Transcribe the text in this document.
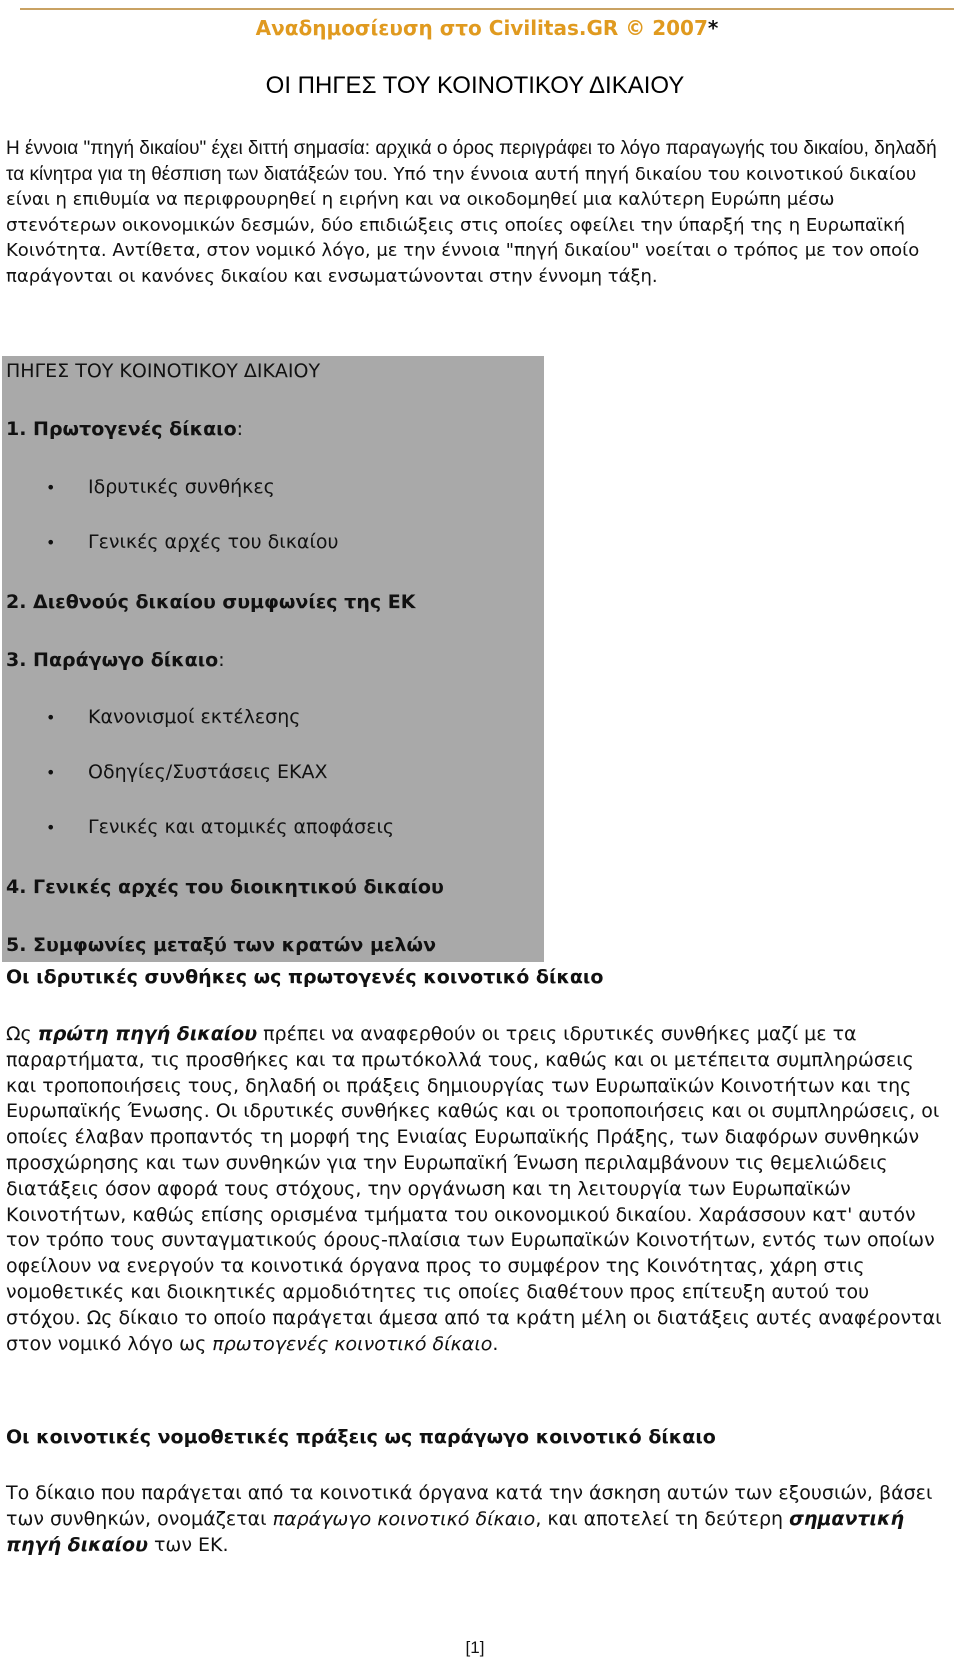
Αναδημοσίευση στο Civilitas.GR © 2007*
ΟΙ ΠΗΓΕΣ ΤΟΥ ΚΟΙΝΟΤΙΚΟΥ ΔΙΚΑΙΟΥ

Η έννοια "πηγή δικαίου" έχει διττή σημασία: αρχικά ο όρος περιγράφει το λόγο παραγωγής του δικαίου, δηλαδή τα κίνητρα για τη θέσπιση των διατάξεών του. Υπό την έννοια αυτή πηγή δικαίου του κοινοτικού δικαίου είναι η επιθυμία να περιφρουρηθεί η ειρήνη και να οικοδομηθεί μια καλύτερη Ευρώπη μέσω στενότερων οικονομικών δεσμών, δύο επιδιώξεις στις οποίες οφείλει την ύπαρξή της η Ευρωπαϊκή Κοινότητα. Αντίθετα, στον νομικό λόγο, με την έννοια "πηγή δικαίου" νοείται ο τρόπος με τον οποίο παράγονται οι κανόνες δικαίου και ενσωματώνονται στην έννομη τάξη.

ΠΗΓΕΣ ΤΟΥ ΚΟΙΝΟΤΙΚΟΥ ΔΙΚΑΙΟΥ
1. Πρωτογενές δίκαιο:
• Ιδρυτικές συνθήκες
• Γενικές αρχές του δικαίου
2. Διεθνούς δικαίου συμφωνίες της ΕΚ
3. Παράγωγο δίκαιο:
• Κανονισμοί εκτέλεσης
• Οδηγίες/Συστάσεις ΕΚΑΧ
• Γενικές και ατομικές αποφάσεις
4. Γενικές αρχές του διοικητικού δικαίου
5. Συμφωνίες μεταξύ των κρατών μελών
Οι ιδρυτικές συνθήκες ως πρωτογενές κοινοτικό δίκαιο

Ως πρώτη πηγή δικαίου πρέπει να αναφερθούν οι τρεις ιδρυτικές συνθήκες μαζί με τα παραρτήματα, τις προσθήκες και τα πρωτόκολλά τους, καθώς και οι μετέπειτα συμπληρώσεις και τροποποιήσεις τους, δηλαδή οι πράξεις δημιουργίας των Ευρωπαϊκών Κοινοτήτων και της Ευρωπαϊκής Ένωσης. Οι ιδρυτικές συνθήκες καθώς και οι τροποποιήσεις και οι συμπληρώσεις, οι οποίες έλαβαν προπαντός τη μορφή της Ενιαίας Ευρωπαϊκής Πράξης, των διαφόρων συνθηκών προσχώρησης και των συνθηκών για την Ευρωπαϊκή Ένωση περιλαμβάνουν τις θεμελιώδεις διατάξεις όσον αφορά τους στόχους, την οργάνωση και τη λειτουργία των Ευρωπαϊκών Κοινοτήτων, καθώς επίσης ορισμένα τμήματα του οικονομικού δικαίου. Χαράσσουν κατ' αυτόν τον τρόπο τους συνταγματικούς όρους-πλαίσια των Ευρωπαϊκών Κοινοτήτων, εντός των οποίων οφείλουν να ενεργούν τα κοινοτικά όργανα προς το συμφέρον της Κοινότητας, χάρη στις νομοθετικές και διοικητικές αρμοδιότητες τις οποίες διαθέτουν προς επίτευξη αυτού του στόχου. Ως δίκαιο το οποίο παράγεται άμεσα από τα κράτη μέλη οι διατάξεις αυτές αναφέρονται στον νομικό λόγο ως πρωτογενές κοινοτικό δίκαιο.

Οι κοινοτικές νομοθετικές πράξεις ως παράγωγο κοινοτικό δίκαιο

Το δίκαιο που παράγεται από τα κοινοτικά όργανα κατά την άσκηση αυτών των εξουσιών, βάσει των συνθηκών, ονομάζεται παράγωγο κοινοτικό δίκαιο, και αποτελεί τη δεύτερη σημαντική πηγή δικαίου των ΕΚ.

[1]
